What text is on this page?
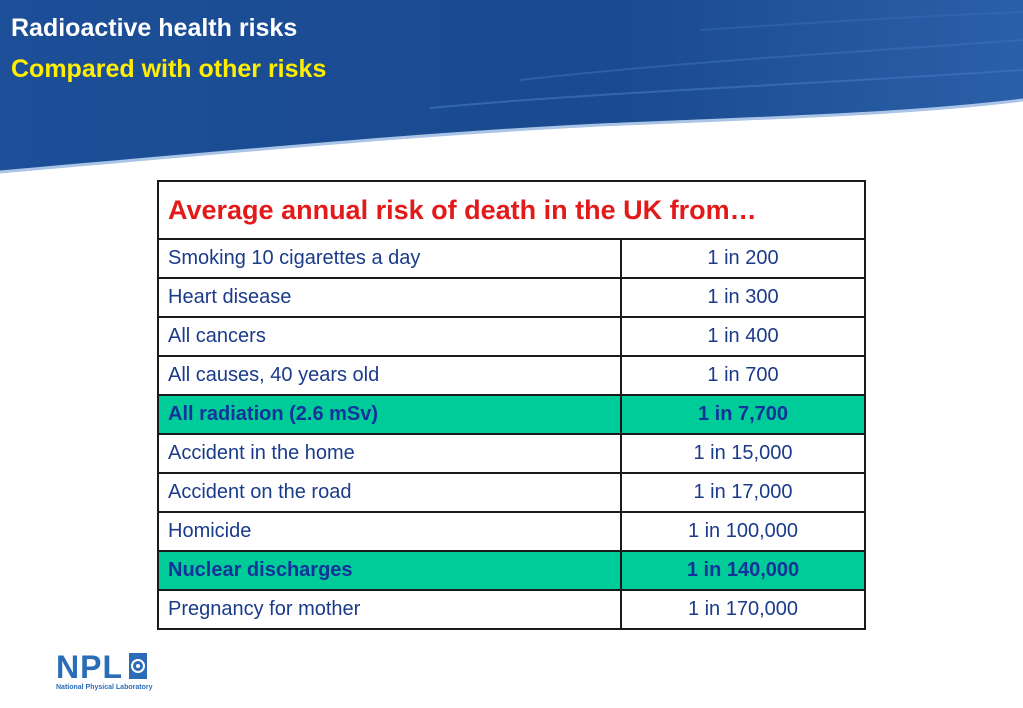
Radioactive health risks
Compared with other risks
Average annual risk of death in the UK from…	
Smoking 10 cigarettes a day	1 in 200
Heart disease	1 in 300
All cancers	1 in 400
All causes, 40 years old	1 in 700
All radiation (2.6 mSv)	1 in 7,700
Accident in the home	1 in 15,000
Accident on the road	1 in 17,000
Homicide	1 in 100,000
Nuclear discharges	1 in 140,000
Pregnancy for mother	1 in 170,000
NPL
National Physical Laboratory
